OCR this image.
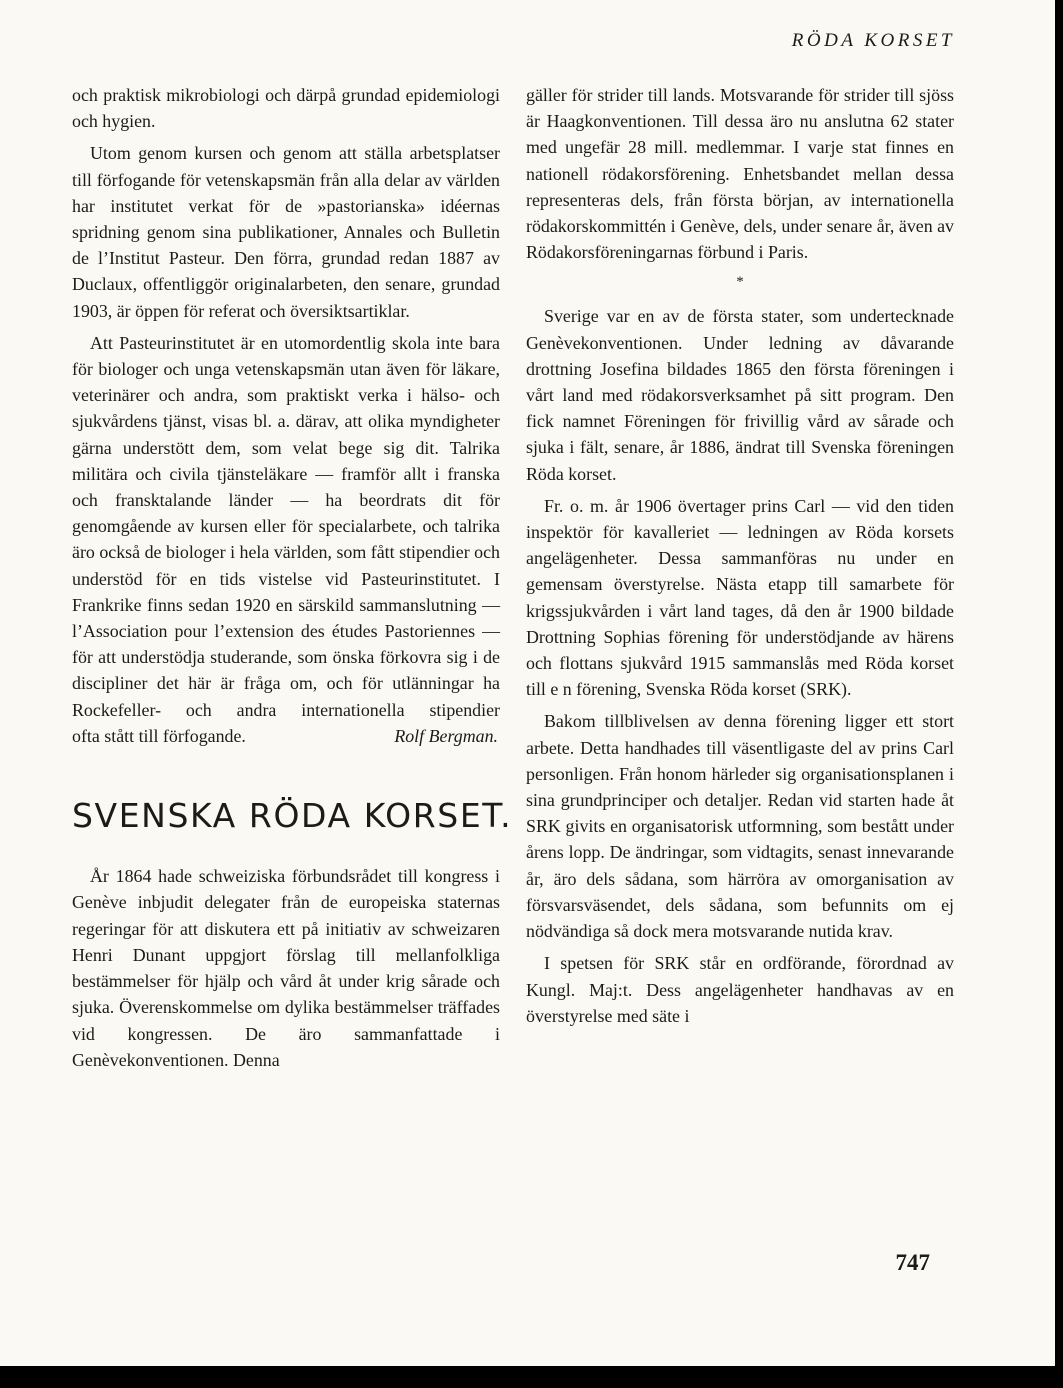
RÖDA KORSET

och praktisk mikrobiologi och därpå grundad epidemiologi och hygien.

Utom genom kursen och genom att ställa arbetsplatser till förfogande för vetenskapsmän från alla delar av världen har institutet verkat för de »pastorianska» idéernas spridning genom sina publikationer, Annales och Bulletin de l’Institut Pasteur. Den förra, grundad redan 1887 av Duclaux, offentliggör originalarbeten, den senare, grundad 1903, är öppen för referat och översiktsartiklar.

Att Pasteurinstitutet är en utomordentlig skola inte bara för biologer och unga vetenskapsmän utan även för läkare, veterinärer och andra, som praktiskt verka i hälso- och sjukvårdens tjänst, visas bl. a. därav, att olika myndigheter gärna understött dem, som velat bege sig dit. Talrika militära och civila tjänsteläkare — framför allt i franska och fransktalande länder — ha beordrats dit för genomgående av kursen eller för specialarbete, och talrika äro också de biologer i hela världen, som fått stipendier och understöd för en tids vistelse vid Pasteurinstitutet. I Frankrike finns sedan 1920 en särskild sammanslutning — l’Association pour l’extension des études Pastoriennes — för att understödja studerande, som önska förkovra sig i de discipliner det här är fråga om, och för utlänningar ha Rockefeller- och andra internationella stipendier

ofta stått till förfogande.	Rolf Bergman.
SVENSKA RÖDA KORSET.

År 1864 hade schweiziska förbundsrådet till kongress i Genève inbjudit delegater från de europeiska staternas regeringar för att diskutera ett på initiativ av schweizaren Henri Dunant uppgjort förslag till mellanfolkliga bestämmelser för hjälp och vård åt under krig sårade och sjuka. Överenskommelse om dylika bestämmelser träffades vid kongressen. De äro sammanfattade i Genèvekonventionen. Denna

gäller för strider till lands. Motsvarande för strider till sjöss är Haagkonventionen. Till dessa äro nu anslutna 62 stater med ungefär 28 mill. medlemmar. I varje stat finnes en nationell rödakorsförening. Enhetsbandet mellan dessa representeras dels, från första början, av internationella rödakorskommittén i Genève, dels, under senare år, även av Rödakorsföreningarnas förbund i Paris.

*

Sverige var en av de första stater, som undertecknade Genèvekonventionen. Under ledning av dåvarande drottning Josefina bildades 1865 den första föreningen i vårt land med rödakorsverksamhet på sitt program. Den fick namnet Föreningen för frivillig vård av sårade och sjuka i fält, senare, år 1886, ändrat till Svenska föreningen Röda korset.

Fr. o. m. år 1906 övertager prins Carl — vid den tiden inspektör för kavalleriet — ledningen av Röda korsets angelägenheter. Dessa sammanföras nu under en gemensam överstyrelse. Nästa etapp till samarbete för krigssjukvården i vårt land tages, då den år 1900 bildade Drottning Sophias förening för understödjande av härens och flottans sjukvård 1915 sammanslås med Röda korset till e n förening, Svenska Röda korset (SRK).

Bakom tillblivelsen av denna förening ligger ett stort arbete. Detta handhades till väsentligaste del av prins Carl personligen. Från honom härleder sig organisationsplanen i sina grundprinciper och detaljer. Redan vid starten hade åt SRK givits en organisatorisk utformning, som bestått under årens lopp. De ändringar, som vidtagits, senast innevarande år, äro dels sådana, som härröra av omorganisation av försvarsväsendet, dels sådana, som befunnits om ej nödvändiga så dock mera motsvarande nutida krav.

I spetsen för SRK står en ordförande, förordnad av Kungl. Maj:t. Dess angelägenheter handhavas av en överstyrelse med säte i

747
